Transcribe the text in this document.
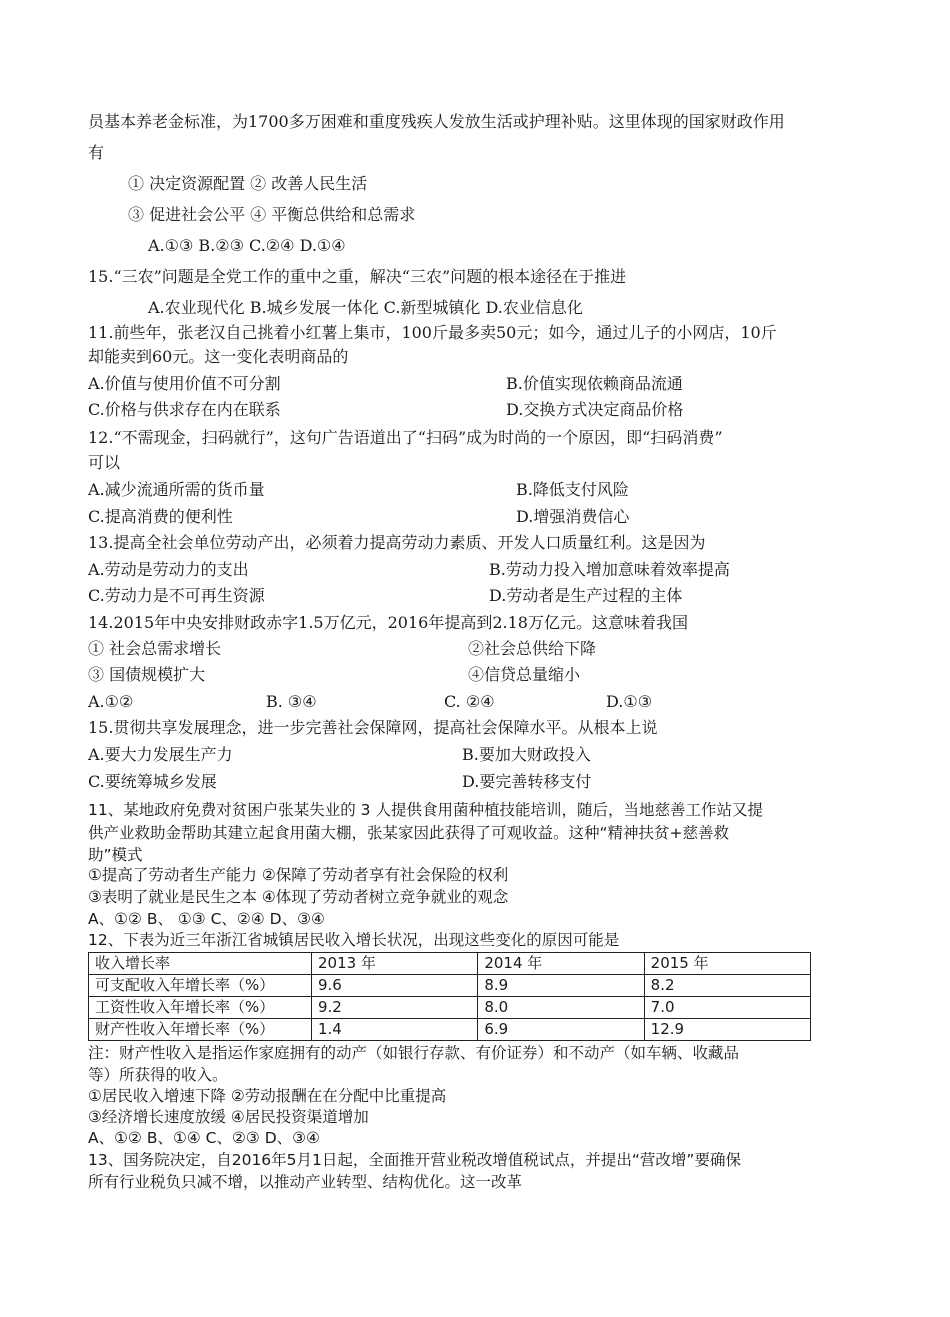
员基本养老金标准，为1700多万困难和重度残疾人发放生活或护理补贴。这里体现的国家财政作用
有
① 决定资源配置 ② 改善人民生活
③ 促进社会公平 ④ 平衡总供给和总需求
A.①③ B.②③ C.②④ D.①④
15.“三农”问题是全党工作的重中之重，解决“三农”问题的根本途径在于推进
A.农业现代化 B.城乡发展一体化 C.新型城镇化 D.农业信息化
11.前些年，张老汉自己挑着小红薯上集市，100斤最多卖50元；如今，通过儿子的小网店，10斤
却能卖到60元。这一变化表明商品的
A.价值与使用价值不可分割	B.价值实现依赖商品流通
C.价格与供求存在内在联系	D.交换方式决定商品价格
12.“不需现金，扫码就行”，这句广告语道出了“扫码”成为时尚的一个原因，即“扫码消费”
可以
A.减少流通所需的货币量	B.降低支付风险
C.提高消费的便利性	D.增强消费信心
13.提高全社会单位劳动产出，必须着力提高劳动力素质、开发人口质量红利。这是因为
A.劳动是劳动力的支出	B.劳动力投入增加意味着效率提高
C.劳动力是不可再生资源	D.劳动者是生产过程的主体
14.2015年中央安排财政赤字1.5万亿元，2016年提高到2.18万亿元。这意味着我国
① 社会总需求增长	②社会总供给下降
③ 国债规模扩大	④信贷总量缩小
A.①②	B. ③④	C. ②④	D.①③
15.贯彻共享发展理念，进一步完善社会保障网，提高社会保障水平。从根本上说
A.要大力发展生产力	B.要加大财政投入
C.要统筹城乡发展	D.要完善转移支付
11、某地政府免费对贫困户张某失业的 3 人提供食用菌种植技能培训，随后，当地慈善工作站又提
供产业救助金帮助其建立起食用菌大棚，张某家因此获得了可观收益。这种“精神扶贫+慈善救
助”模式
①提高了劳动者生产能力 ②保障了劳动者享有社会保险的权利
③表明了就业是民生之本 ④体现了劳动者树立竞争就业的观念
A、①② B、 ①③ C、②④ D、③④
12、下表为近三年浙江省城镇居民收入增长状况，出现这些变化的原因可能是
收入增长率	2013 年	2014 年	2015 年
可支配收入年增长率（%）	9.6	8.9	8.2
工资性收入年增长率（%）	9.2	8.0	7.0
财产性收入年增长率（%）	1.4	6.9	12.9
注：财产性收入是指运作家庭拥有的动产（如银行存款、有价证券）和不动产（如车辆、收藏品
等）所获得的收入。
①居民收入增速下降 ②劳动报酬在在分配中比重提高
③经济增长速度放缓 ④居民投资渠道增加
A、①② B、①④ C、②③ D、③④
13、国务院决定，自2016年5月1日起，全面推开营业税改增值税试点，并提出“营改增”要确保
所有行业税负只减不增，以推动产业转型、结构优化。这一改革
